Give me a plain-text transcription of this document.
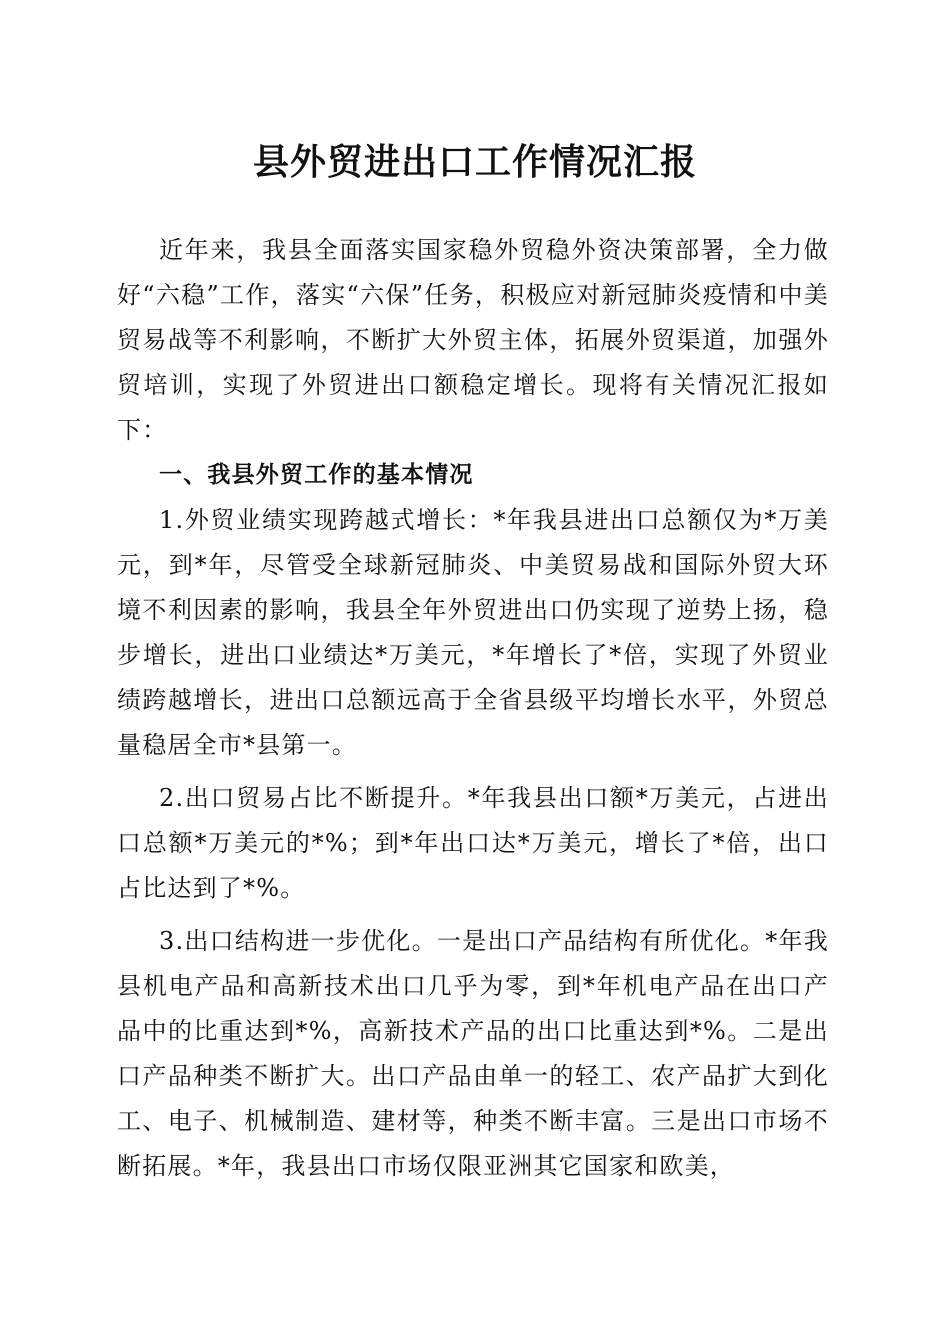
县外贸进出口工作情况汇报

近年来，我县全面落实国家稳外贸稳外资决策部署，全力做好“六稳”工作，落实“六保”任务，积极应对新冠肺炎疫情和中美贸易战等不利影响，不断扩大外贸主体，拓展外贸渠道，加强外贸培训，实现了外贸进出口额稳定增长。现将有关情况汇报如下：

一、我县外贸工作的基本情况

1.外贸业绩实现跨越式增长：*年我县进出口总额仅为*万美元，到*年，尽管受全球新冠肺炎、中美贸易战和国际外贸大环境不利因素的影响，我县全年外贸进出口仍实现了逆势上扬，稳步增长，进出口业绩达*万美元，*年增长了*倍，实现了外贸业绩跨越增长，进出口总额远高于全省县级平均增长水平，外贸总量稳居全市*县第一。

2.出口贸易占比不断提升。*年我县出口额*万美元，占进出口总额*万美元的*%；到*年出口达*万美元，增长了*倍，出口占比达到了*%。

3.出口结构进一步优化。一是出口产品结构有所优化。*年我县机电产品和高新技术出口几乎为零，到*年机电产品在出口产品中的比重达到*%，高新技术产品的出口比重达到*%。二是出口产品种类不断扩大。出口产品由单一的轻工、农产品扩大到化工、电子、机械制造、建材等，种类不断丰富。三是出口市场不断拓展。*年，我县出口市场仅限亚洲其它国家和欧美，
